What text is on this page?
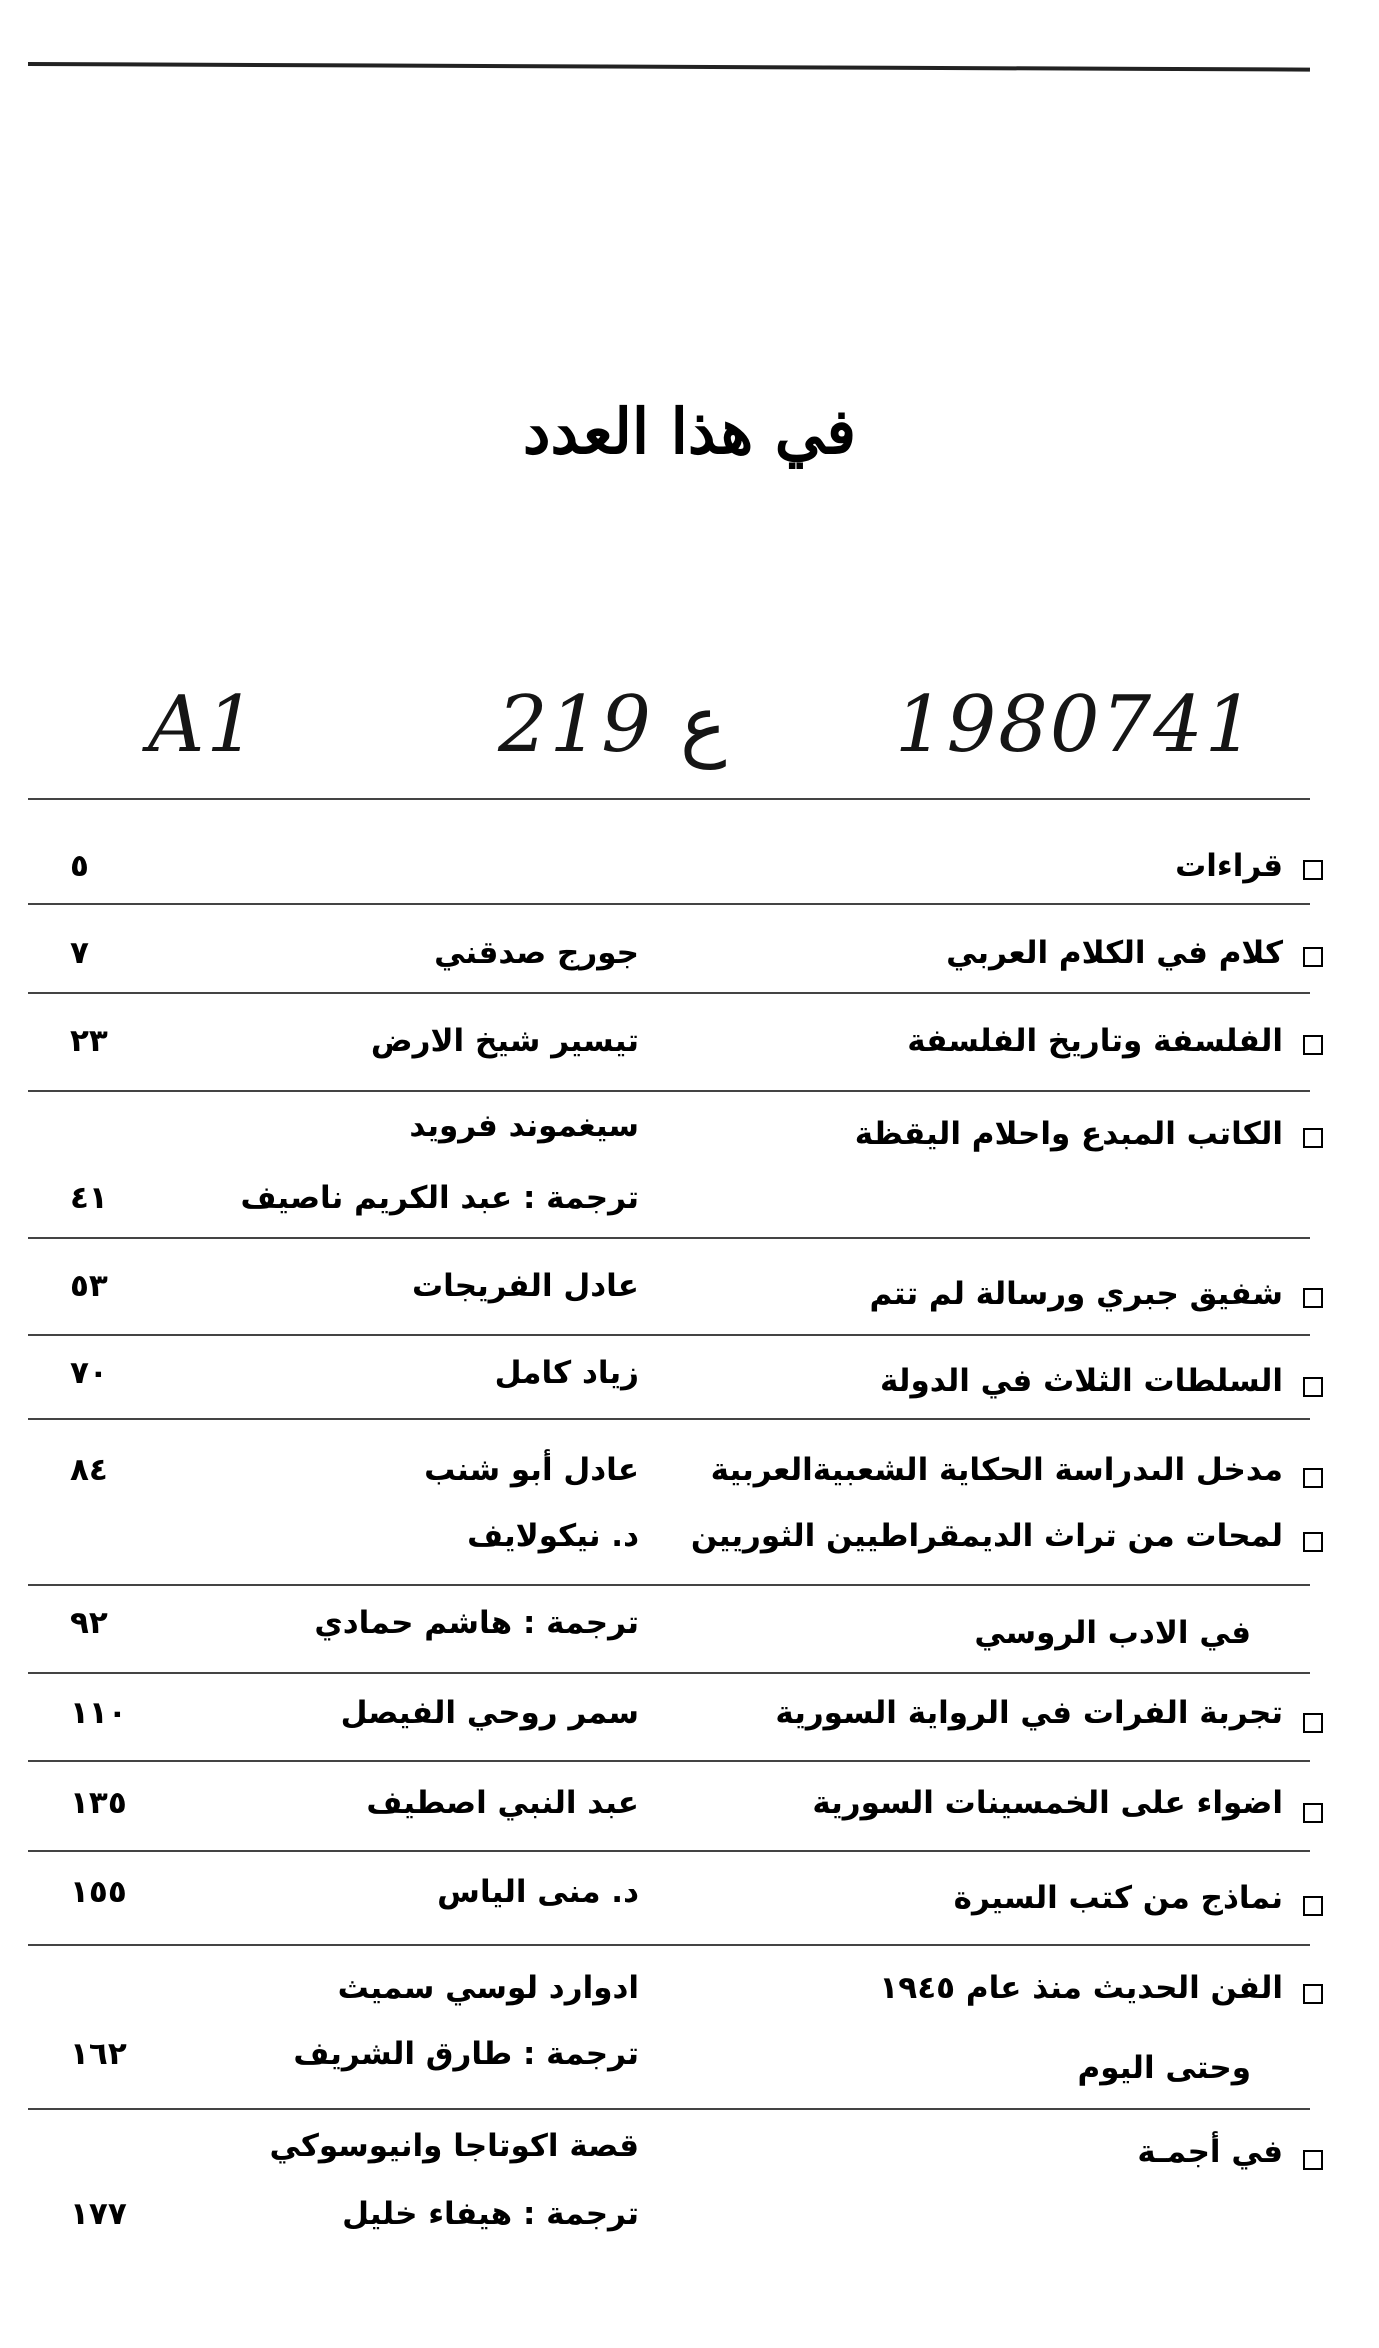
في هذا العدد
A1	219 ع 1980741
قراءات
٥
كلام في الكلام العربي
جورج صدقني
٧
الفلسفة وتاريخ الفلسفة
تيسير شيخ الارض
٢٣
الكاتب المبدع واحلام اليقظة
سيغموند فرويد
ترجمة : عبد الكريم ناصيف
٤١
شفيق جبري ورسالة لم تتم
عادل الفريجات
٥٣
السلطات الثلاث في الدولة
زياد كامل
٧٠
مدخل الىدراسة الحكاية الشعبيةالعربية
عادل أبو شنب
٨٤
لمحات من تراث الديمقراطيين الثوريين
د. نيكولايف
في الادب الروسي
ترجمة : هاشم حمادي
٩٢
تجربة الفرات في الرواية السورية
سمر روحي الفيصل
١١٠
اضواء على الخمسينات السورية
عبد النبي اصطيف
١٣٥
نماذج من كتب السيرة
د. منى الياس
١٥٥
الفن الحديث منذ عام ١٩٤٥
ادوارد لوسي سميث
وحتى اليوم
ترجمة : طارق الشريف
١٦٢
في أجمـة
قصة اكوتاجا وانيوسوكي
ترجمة : هيفاء خليل
١٧٧
